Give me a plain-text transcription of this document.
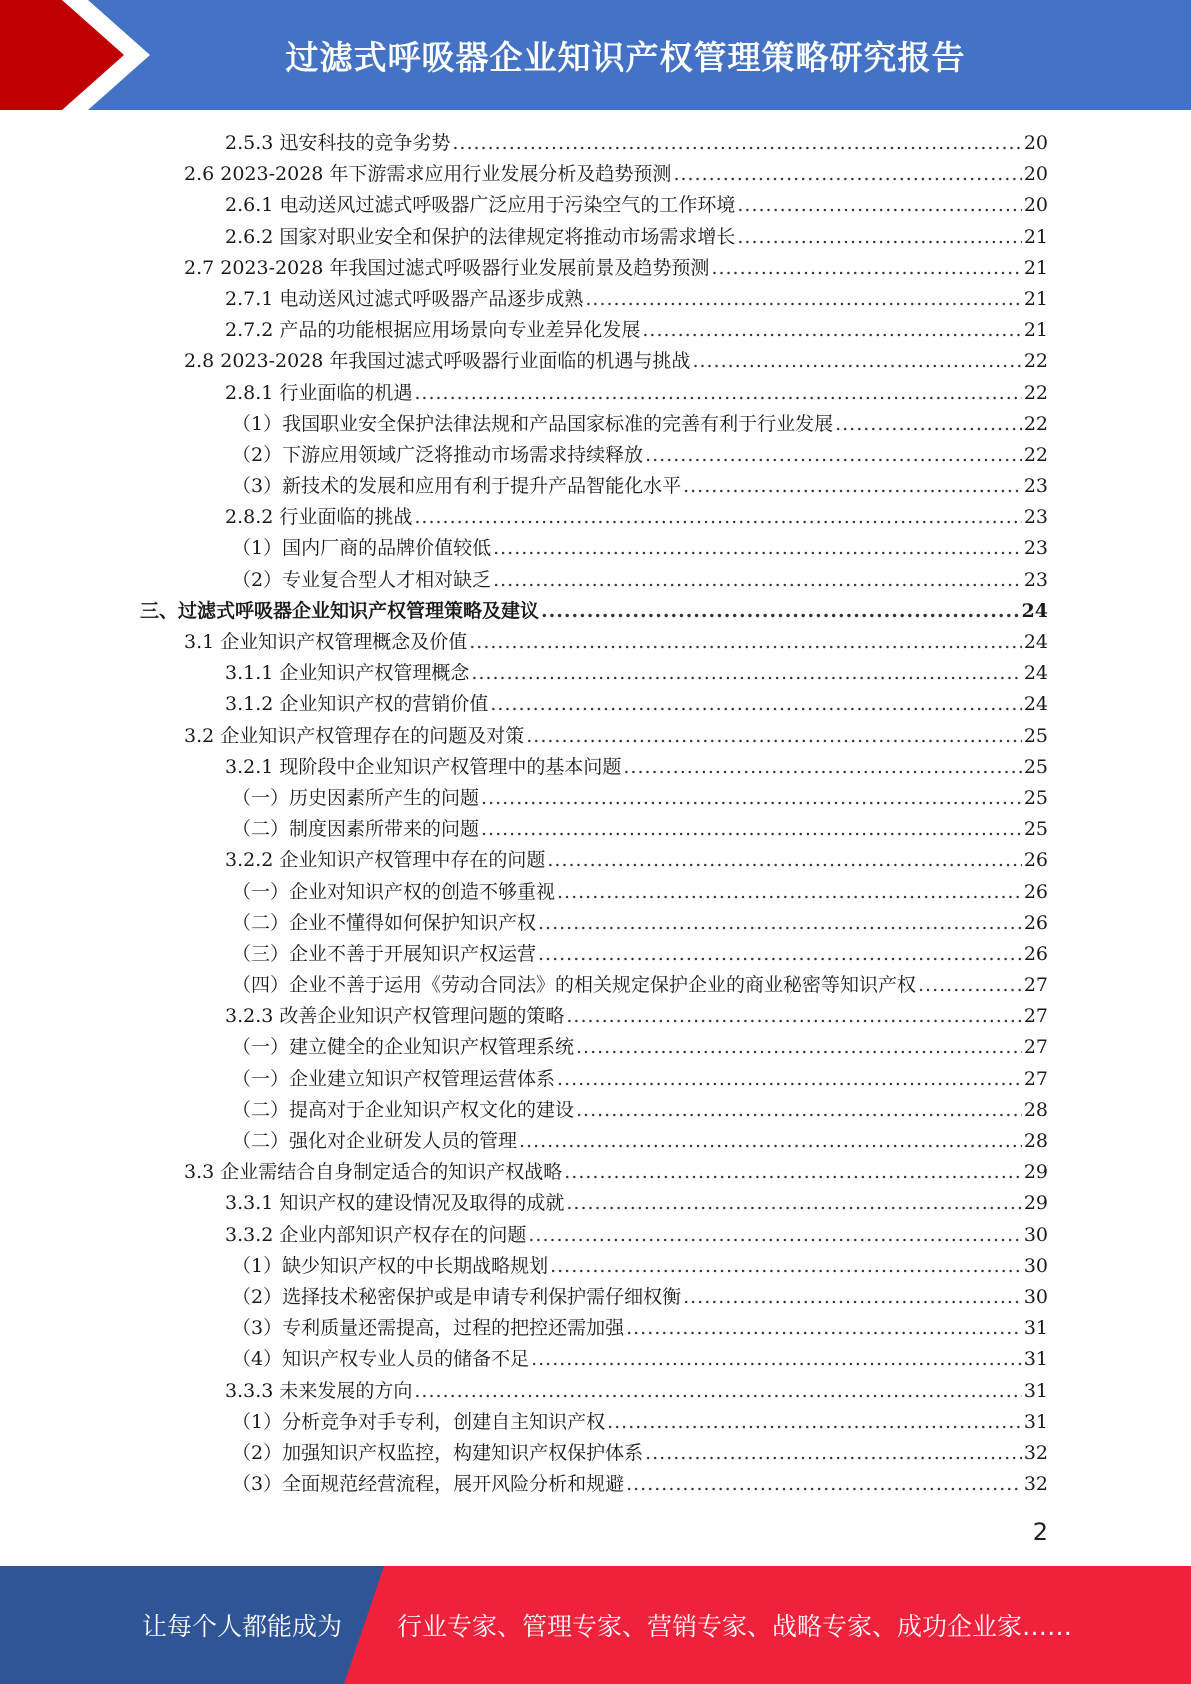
过滤式呼吸器企业知识产权管理策略研究报告
2.5.3 迅安科技的竞争劣势 .....	20
2.6 2023-2028 年下游需求应用行业发展分析及趋势预测 .....	20
2.6.1 电动送风过滤式呼吸器广泛应用于污染空气的工作环境 .....	20
2.6.2 国家对职业安全和保护的法律规定将推动市场需求增长 .....	21
2.7 2023-2028 年我国过滤式呼吸器行业发展前景及趋势预测 .....	21
2.7.1 电动送风过滤式呼吸器产品逐步成熟 .....	21
2.7.2 产品的功能根据应用场景向专业差异化发展 .....	21
2.8 2023-2028 年我国过滤式呼吸器行业面临的机遇与挑战 .....	22
2.8.1 行业面临的机遇 .....	22
（1）我国职业安全保护法律法规和产品国家标准的完善有利于行业发展 .....	22
（2）下游应用领域广泛将推动市场需求持续释放 .....	22
（3）新技术的发展和应用有利于提升产品智能化水平 .....	23
2.8.2 行业面临的挑战 .....	23
（1）国内厂商的品牌价值较低 .....	23
（2）专业复合型人才相对缺乏 .....	23
三、过滤式呼吸器企业知识产权管理策略及建议 .....	24
3.1 企业知识产权管理概念及价值 .....	24
3.1.1 企业知识产权管理概念 .....	24
3.1.2 企业知识产权的营销价值 .....	24
3.2 企业知识产权管理存在的问题及对策 .....	25
3.2.1 现阶段中企业知识产权管理中的基本问题 .....	25
（一）历史因素所产生的问题 .....	25
（二）制度因素所带来的问题 .....	25
3.2.2 企业知识产权管理中存在的问题 .....	26
（一）企业对知识产权的创造不够重视 .....	26
（二）企业不懂得如何保护知识产权 .....	26
（三）企业不善于开展知识产权运营 .....	26
（四）企业不善于运用《劳动合同法》的相关规定保护企业的商业秘密等知识产权 .....	27
3.2.3 改善企业知识产权管理问题的策略 .....	27
（一）建立健全的企业知识产权管理系统 .....	27
（一）企业建立知识产权管理运营体系 .....	27
（二）提高对于企业知识产权文化的建设 .....	28
（二）强化对企业研发人员的管理 .....	28
3.3 企业需结合自身制定适合的知识产权战略 .....	29
3.3.1 知识产权的建设情况及取得的成就 .....	29
3.3.2 企业内部知识产权存在的问题 .....	30
（1）缺少知识产权的中长期战略规划 .....	30
（2）选择技术秘密保护或是申请专利保护需仔细权衡 .....	30
（3）专利质量还需提高，过程的把控还需加强 .....	31
（4）知识产权专业人员的储备不足 .....	31
3.3.3 未来发展的方向 .....	31
（1）分析竞争对手专利，创建自主知识产权 .....	31
（2）加强知识产权监控，构建知识产权保护体系 .....	32
（3）全面规范经营流程，展开风险分析和规避 .....	32
2
让每个人都能成为 行业专家、管理专家、营销专家、战略专家、成功企业家……
